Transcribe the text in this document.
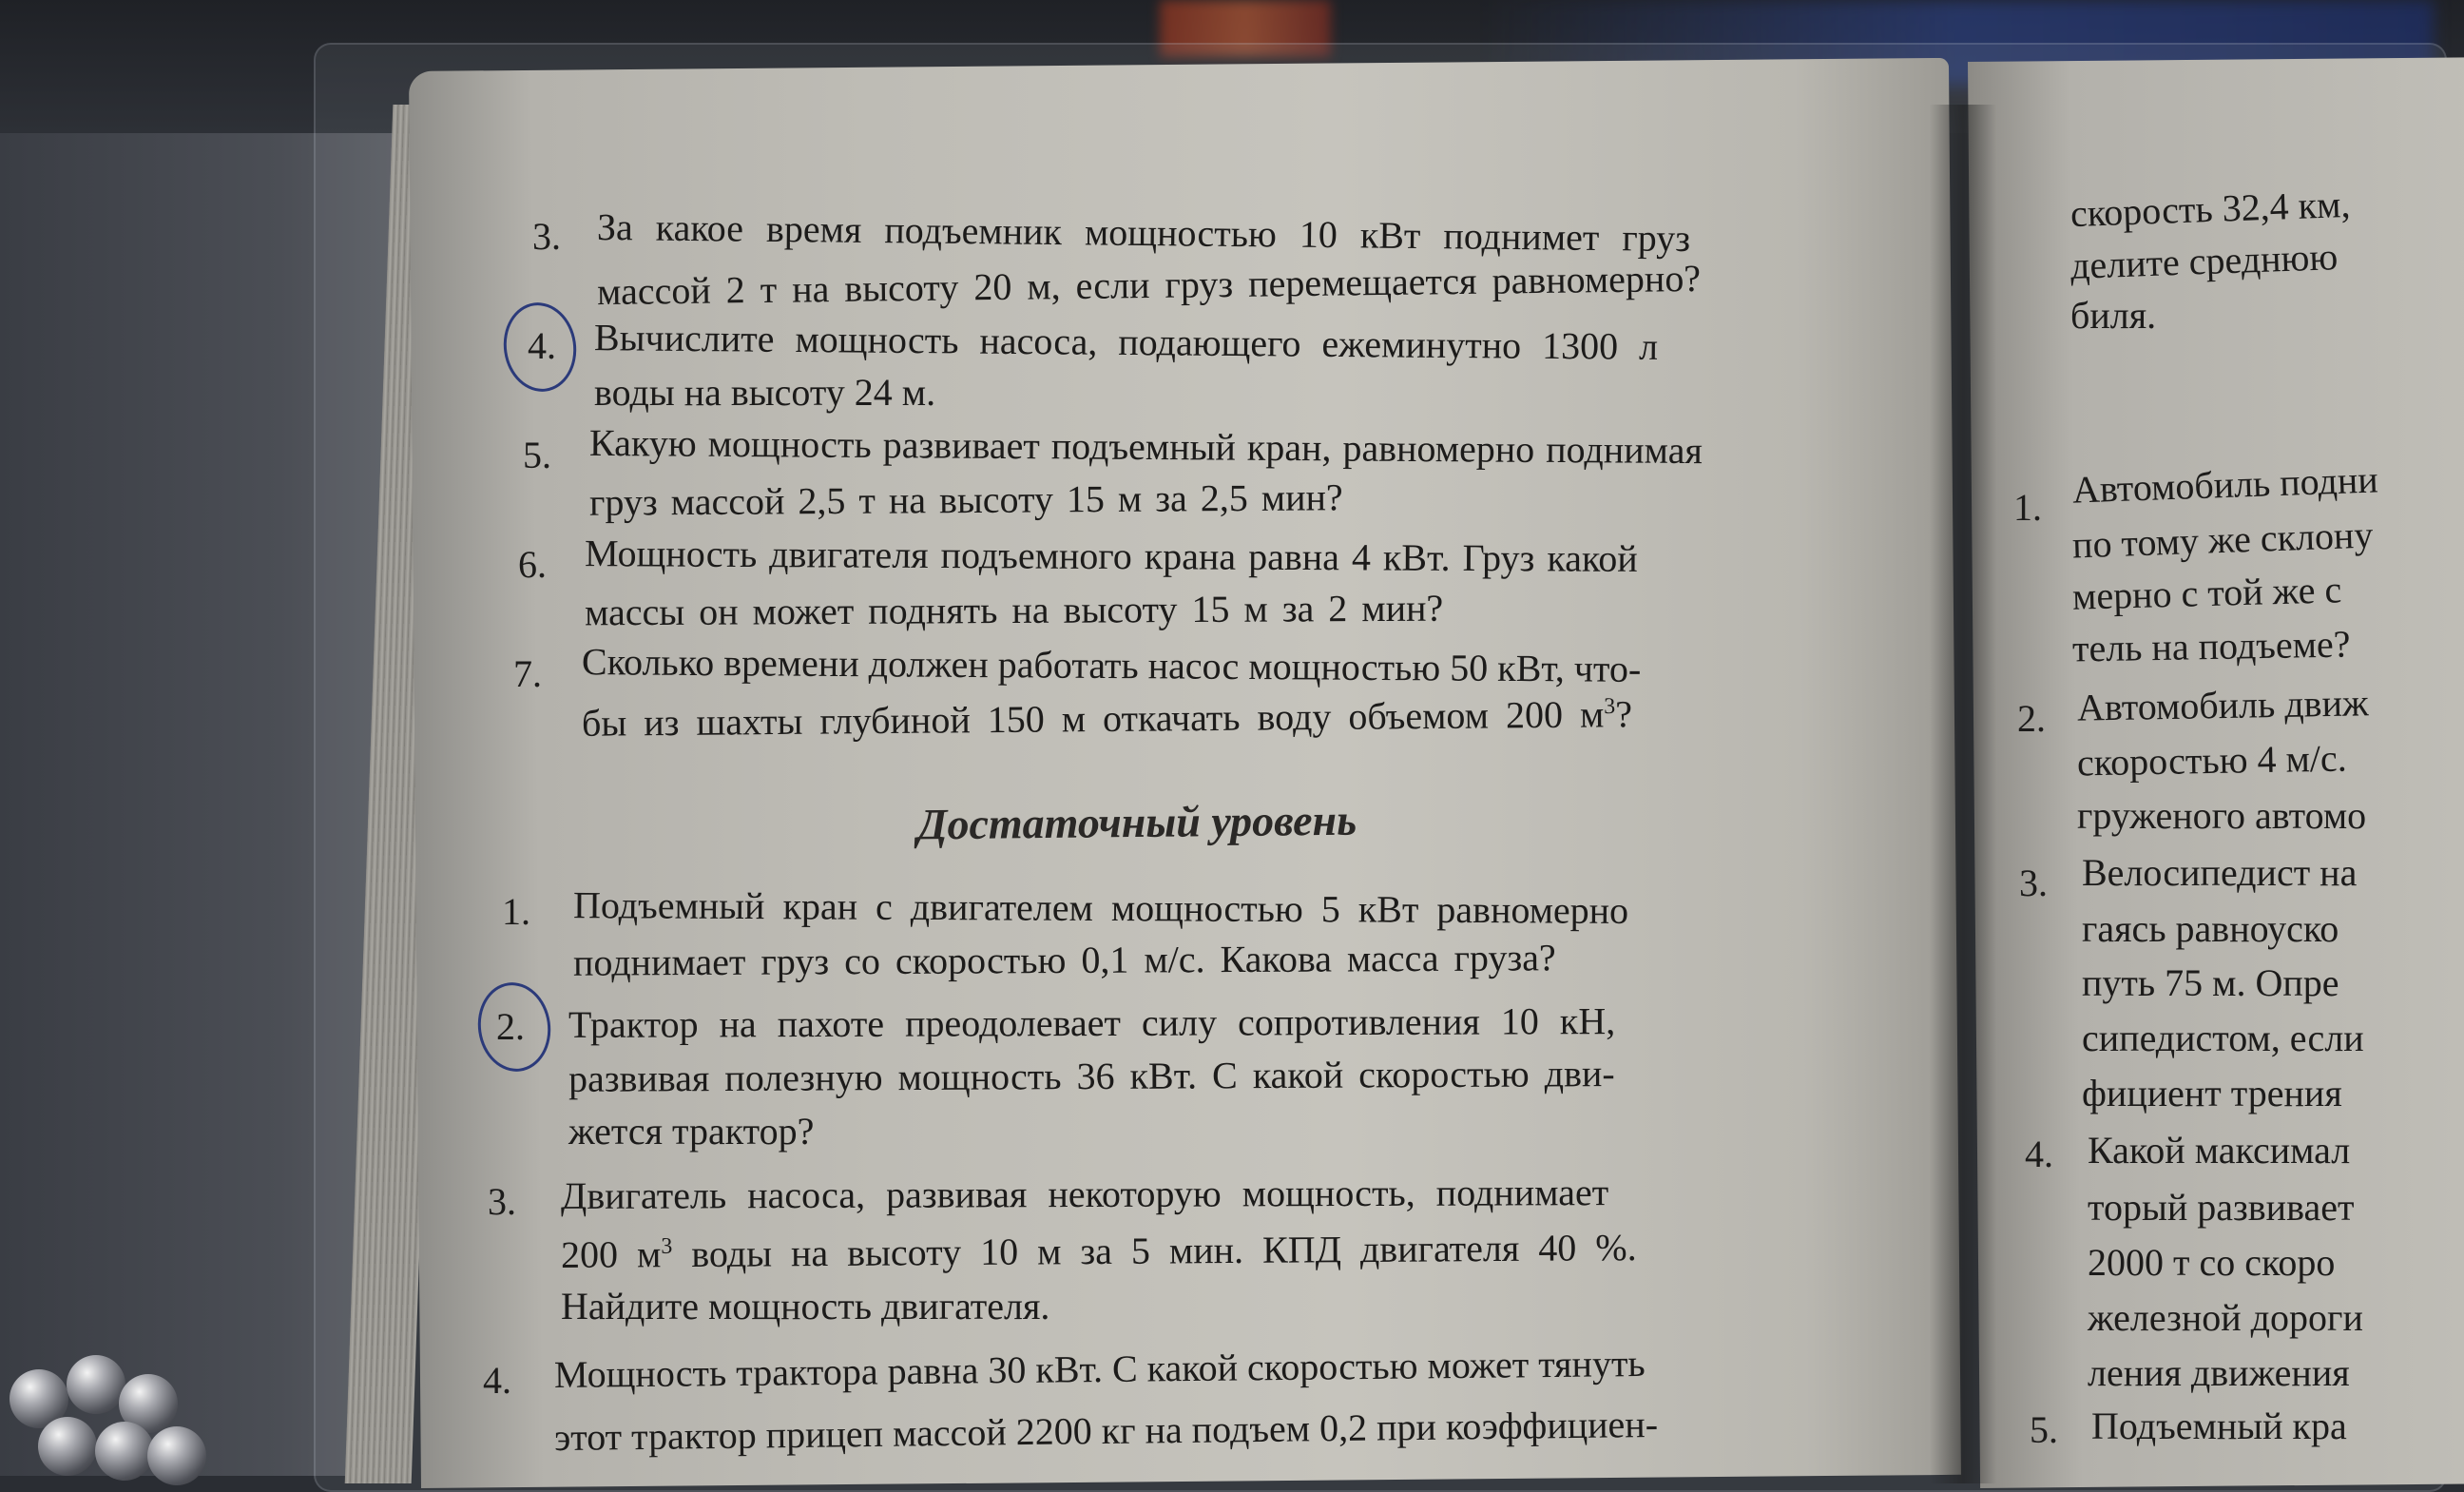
3. За какое время подъемник мощностью 10 кВт поднимет груз

массой 2 т на высоту 20 м, если груз перемещается равномерно?

4. Вычислите мощность насоса, подающего ежеминутно 1300 л

воды на высоту 24 м.

5. Какую мощность развивает подъемный кран, равномерно поднимая

груз массой 2,5 т на высоту 15 м за 2,5 мин?

6. Мощность двигателя подъемного крана равна 4 кВт. Груз какой

массы он может поднять на высоту 15 м за 2 мин?

7. Сколько времени должен работать насос мощностью 50 кВт, что-

бы из шахты глубиной 150 м откачать воду объемом 200 $м^3$?

Достаточный уровень

1. Подъемный кран с двигателем мощностью 5 кВт равномерно

поднимает груз со скоростью 0,1 м/с. Какова масса груза?

2. Трактор на пахоте преодолевает силу сопротивления 10 кН,

развивая полезную мощность 36 кВт. С какой скоростью дви-

жется трактор?

3. Двигатель насоса, развивая некоторую мощность, поднимает

200 $м^3$ воды на высоту 10 м за 5 мин. КПД двигателя 40 %.

Найдите мощность двигателя.

4. Мощность трактора равна 30 кВт. С какой скоростью может тянуть

этот трактор прицеп массой 2200 кг на подъем 0,2 при коэффициен-

скорость 32,4 км,

делите среднюю

биля.

1. Автомобиль подни

по тому же склону

мерно с той же с

тель на подъеме?

2. Автомобиль движ

скоростью 4 м/с.

груженого автомо

3. Велосипедист на

гаясь равноуско

путь 75 м. Опре

сипедистом, если

фициент трения

4. Какой максимал

торый развивает

2000 т со скоро

железной дороги

ления движения

5. Подъемный кра
